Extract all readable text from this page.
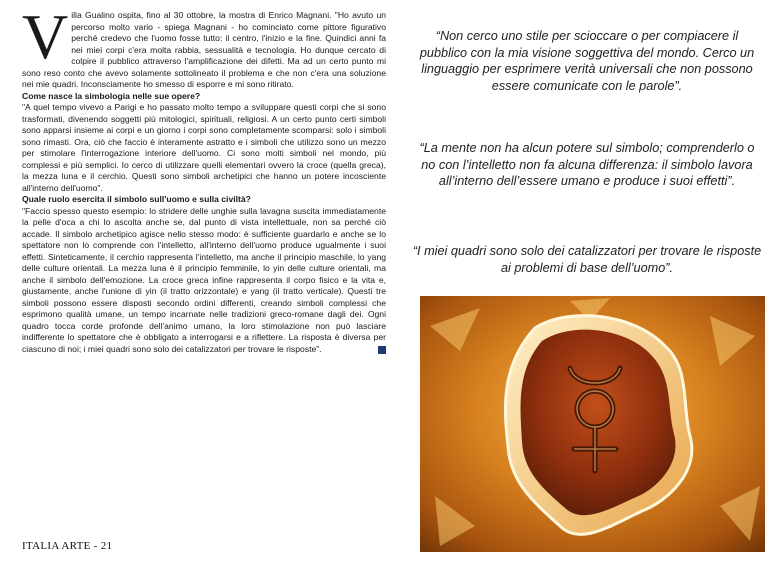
Villa Gualino ospita, fino al 30 ottobre, la mostra di Enrico Magnani. "Ho avuto un percorso molto vario - spiega Magnani - ho cominciato come pittore figurativo perché credevo che l'uomo fosse tutto: il centro, l'inizio e la fine. Quindici anni fa nei miei corpi c'era molta rabbia, sessualità e tecnologia. Ho dunque cercato di colpire il pubblico attraverso l'amplificazione dei difetti. Ma ad un certo punto mi sono reso conto che avevo solamente sottolineato il problema e che non c'era una soluzione nei mie quadri. Inconsciamente ho smesso di esporre e mi sono ritirato.

Come nasce la simbologia nelle sue opere?

"A quel tempo vivevo a Parigi e ho passato molto tempo a sviluppare questi corpi che si sono trasformati, divenendo soggetti più mitologici, spirituali, religiosi. A un certo punto certi simboli sono apparsi insieme ai corpi e un giorno i corpi sono completamente scomparsi: solo i simboli sono rimasti. Ora, ciò che faccio è interamente astratto e i simboli che utilizzo sono un mezzo per stimolare l'interrogazione interiore dell'uomo. Ci sono molti simboli nel mondo, più complessi e più semplici. Io cerco di utilizzare quelli elementari ovvero la croce (quella greca), la mezza luna e il cerchio. Questi sono simboli archetipici che hanno un potere incosciente all'interno dell'uomo".

Quale ruolo esercita il simbolo sull'uomo e sulla civiltà?

"Faccio spesso questo esempio: lo stridere delle unghie sulla lavagna suscita immediatamente la pelle d'oca a chi lo ascolta anche se, dal punto di vista intellettuale, non sa perché ciò accade. Il simbolo archetipico agisce nello stesso modo: è sufficiente guardarlo e anche se lo spettatore non lo comprende con l'intelletto, all'interno dell'uomo produce ugualmente i suoi effetti. Sinteticamente, il cerchio rappresenta l'intelletto, ma anche il principio maschile, lo yang delle culture orientali. La mezza luna è il principio femminile, lo yin delle culture orientali, ma anche il simbolo dell'emozione. La croce greca infine rappresenta il corpo fisico e la vita e, giustamente, anche l'unione di yin (il tratto orizzontale) e yang (il tratto verticale). Questi tre simboli possono essere disposti secondo ordini differenti, creando simboli complessi che esprimono qualità umane, un tempo incarnate nelle tradizioni greco-romane dagli dei. Ogni quadro tocca corde profonde dell'animo umano, la loro stimolazione non può lasciare indifferente lo spettatore che è obbligato a interrogarsi e a riflettere. La risposta è diversa per ciascuno di noi; i miei quadri sono solo dei catalizzatori per trovare le risposte".

ITALIA ARTE - 21
“Non cerco uno stile per scioccare o per compiacere il pubblico con la mia visione soggettiva del mondo. Cerco un linguaggio per esprimere verità universali che non possono essere comunicate con le parole”.
“La mente non ha alcun potere sul simbolo; comprenderlo o no con l’intelletto non fa alcuna differenza: il simbolo lavora all’interno dell’essere umano e produce i suoi effetti”.
“I miei quadri sono solo dei catalizzatori per trovare le risposte ai problemi di base dell’uomo”.
